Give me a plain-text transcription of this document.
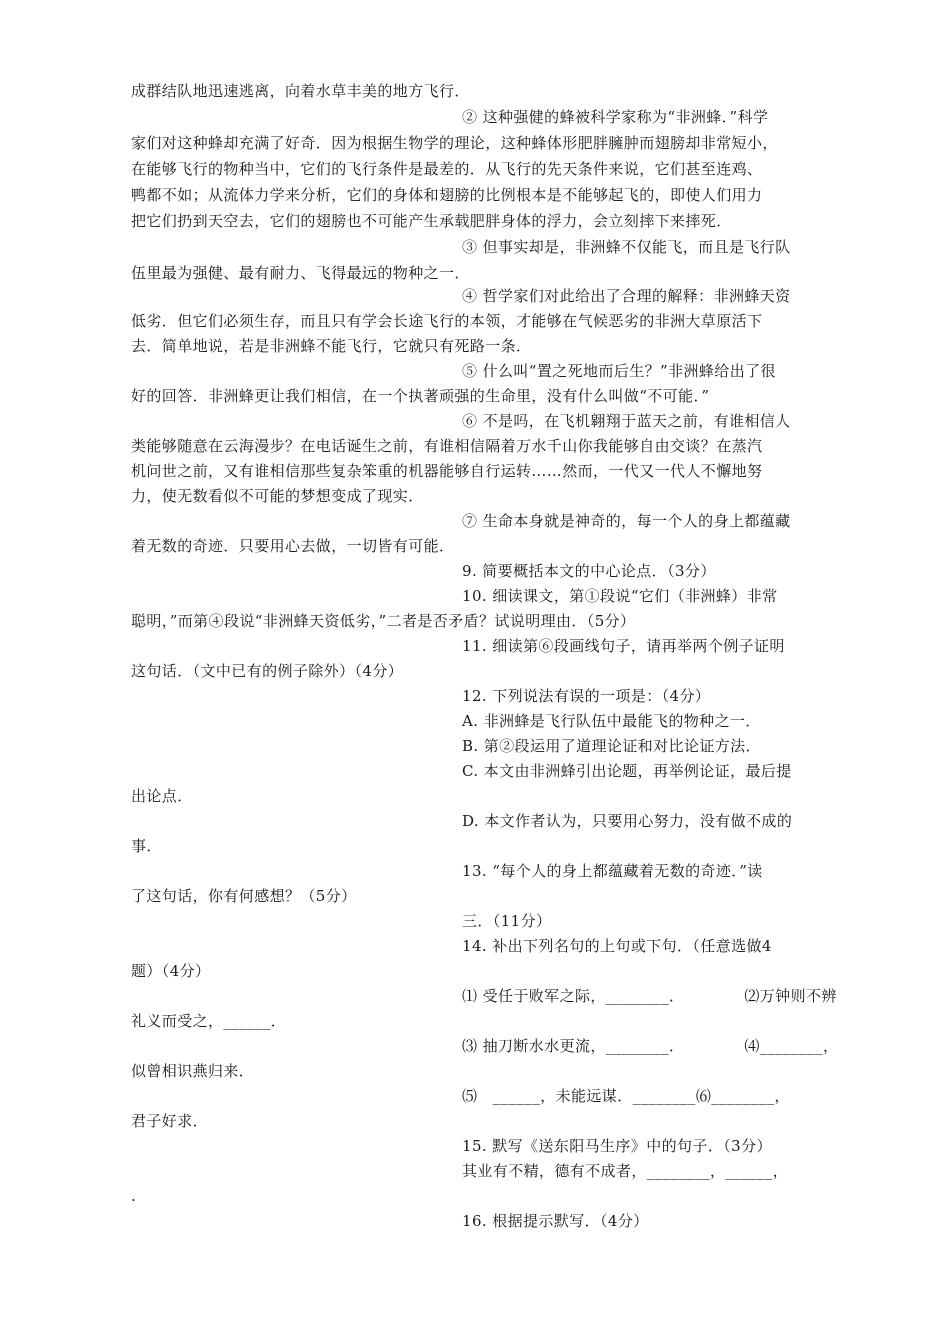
成群结队地迅速逃离，向着水草丰美的地方飞行．
② 这种强健的蜂被科学家称为“非洲蜂．”科学
家们对这种蜂却充满了好奇．因为根据生物学的理论，这种蜂体形肥胖臃肿而翅膀却非常短小，
在能够飞行的物种当中，它们的飞行条件是最差的．从飞行的先天条件来说，它们甚至连鸡、
鸭都不如；从流体力学来分析，它们的身体和翅膀的比例根本是不能够起飞的，即使人们用力
把它们扔到天空去，它们的翅膀也不可能产生承载肥胖身体的浮力，会立刻摔下来摔死．
③ 但事实却是，非洲蜂不仅能飞，而且是飞行队
伍里最为强健、最有耐力、飞得最远的物种之一．
④ 哲学家们对此给出了合理的解释：非洲蜂天资
低劣．但它们必须生存，而且只有学会长途飞行的本领，才能够在气候恶劣的非洲大草原活下
去．简单地说，若是非洲蜂不能飞行，它就只有死路一条．
⑤ 什么叫“置之死地而后生？”非洲蜂给出了很
好的回答．非洲蜂更让我们相信，在一个执著顽强的生命里，没有什么叫做“不可能．”
⑥ 不是吗，在飞机翱翔于蓝天之前，有谁相信人
类能够随意在云海漫步？在电话诞生之前，有谁相信隔着万水千山你我能够自由交谈？在蒸汽
机问世之前，又有谁相信那些复杂笨重的机器能够自行运转……然而，一代又一代人不懈地努
力，使无数看似不可能的梦想变成了现实．
⑦ 生命本身就是神奇的，每一个人的身上都蕴藏
着无数的奇迹．只要用心去做，一切皆有可能．
9. 简要概括本文的中心论点．（3分）
10. 细读课文，第①段说“它们（非洲蜂）非常
聪明，”而第④段说“非洲蜂天资低劣，”二者是否矛盾？试说明理由．（5分）
11. 细读第⑥段画线句子，请再举两个例子证明
这句话．（文中已有的例子除外）（4分）
12. 下列说法有误的一项是：（4分）
A. 非洲蜂是飞行队伍中最能飞的物种之一．
B. 第②段运用了道理论证和对比论证方法．
C. 本文由非洲蜂引出论题，再举例论证，最后提
出论点．
D. 本文作者认为，只要用心努力，没有做不成的
事．
13. “每个人的身上都蕴藏着无数的奇迹．”读
了这句话，你有何感想？（5分）
三．（11分）
14. 补出下列名句的上句或下句．（任意选做4
题）（4分）
⑴ 受任于败军之际，________．	⑵万钟则不辨
礼义而受之，______．
⑶ 抽刀断水水更流，________．	⑷________，
似曾相识燕归来．
⑸　______，未能远谋．________⑹________，
君子好求．
.
15. 默写《送东阳马生序》中的句子．（3分）
其业有不精，德有不成者，________，______，
16. 根据提示默写．（4分）
